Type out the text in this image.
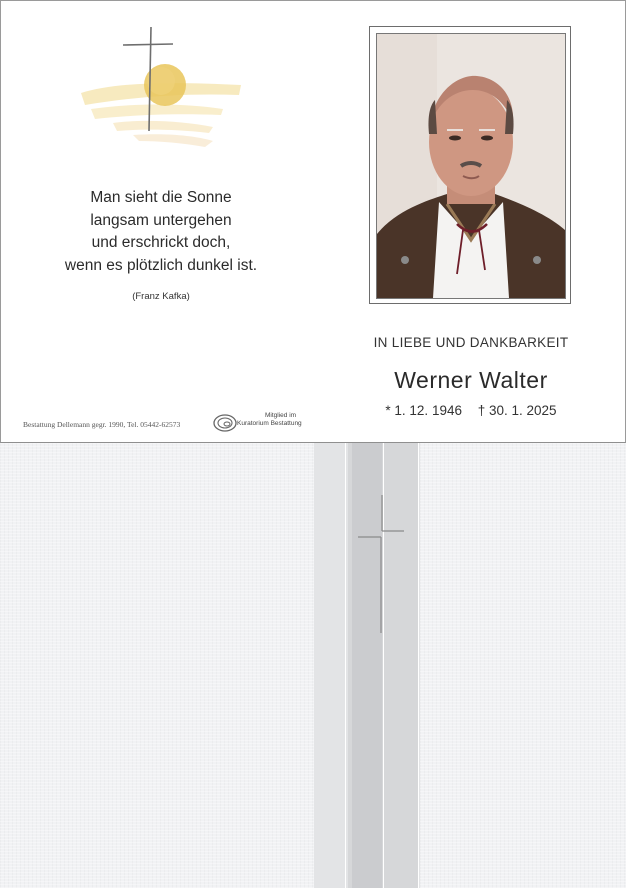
Man sieht die Sonne
langsam untergehen
und erschrickt doch,
wenn es plötzlich dunkel ist.
(Franz Kafka)
Bestattung Dellemann gegr. 1990, Tel. 05442-62573
Mitglied im
Kuratorium Bestattung
IN LIEBE UND DANKBARKEIT
Werner Walter
* 1. 12. 1946 † 30. 1. 2025
